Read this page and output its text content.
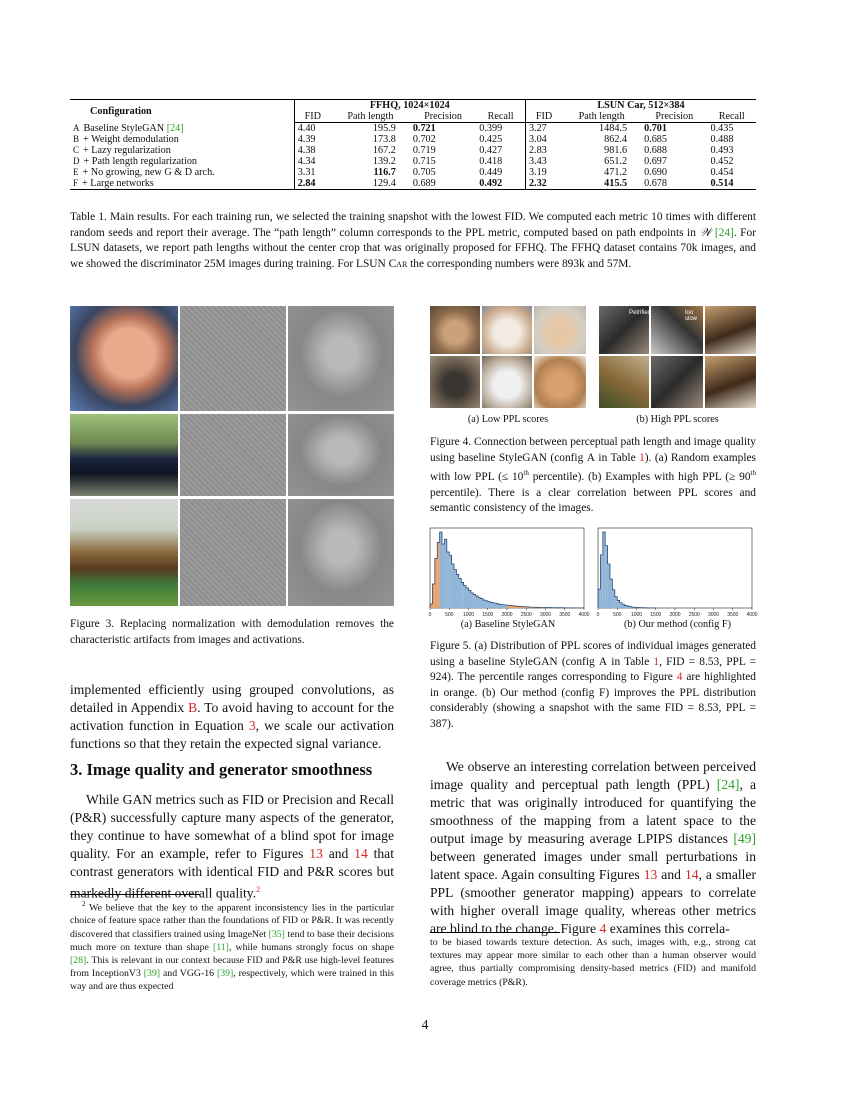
Configuration	FFHQ, 1024×1024				LSUN Car, 512×384			
	FID	Path length	Precision	Recall	FID	Path length	Precision	Recall
A Baseline StyleGAN [24]	4.40	195.9	0.721	0.399	3.27	1484.5	0.701	0.435
B + Weight demodulation	4.39	173.8	0.702	0.425	3.04	862.4	0.685	0.488
C + Lazy regularization	4.38	167.2	0.719	0.427	2.83	981.6	0.688	0.493
D + Path length regularization	4.34	139.2	0.715	0.418	3.43	651.2	0.697	0.452
E + No growing, new G & D arch.	3.31	116.7	0.705	0.449	3.19	471.2	0.690	0.454
F + Large networks	2.84	129.4	0.689	0.492	2.32	415.5	0.678	0.514
Table 1. Main results. For each training run, we selected the training snapshot with the lowest FID. We computed each metric 10 times with different random seeds and report their average. The “path length” column corresponds to the PPL metric, computed based on path endpoints in 𝒲 [24]. For LSUN datasets, we report path lengths without the center crop that was originally proposed for FFHQ. The FFHQ dataset contains 70k images, and we showed the discriminator 25M images during training. For LSUN Car the corresponding numbers were 893k and 57M.
Figure 3. Replacing normalization with demodulation removes the characteristic artifacts from images and activations.
implemented efficiently using grouped convolutions, as detailed in Appendix B. To avoid having to account for the activation function in Equation 3, we scale our activation functions so that they retain the expected signal variance.
3. Image quality and generator smoothness
While GAN metrics such as FID or Precision and Recall (P&R) successfully capture many aspects of the generator, they continue to have somewhat of a blind spot for image quality. For an example, refer to Figures 13 and 14 that contrast generators with identical FID and P&R scores but markedly different overall quality.$^2$
$^2$ We believe that the key to the apparent inconsistency lies in the particular choice of feature space rather than the foundations of FID or P&R. It was recently discovered that classifiers trained using ImageNet [35] tend to base their decisions much more on texture than shape [11], while humans strongly focus on shape [28]. This is relevant in our context because FID and P&R use high-level features from InceptionV3 [39] and VGG-16 [39], respectively, which were trained in this way and are thus expected
Petrified	too slow
(a) Low PPL scores	(b) High PPL scores
Figure 4. Connection between perceptual path length and image quality using baseline StyleGAN (config A in Table 1). (a) Random examples with low PPL (≤ 10th percentile). (b) Examples with high PPL (≥ 90th percentile). There is a clear correlation between PPL scores and semantic consistency of the images.
0	500 1000 1500 2000 2500 3000 3500 4000 0	500 1000 1500 2000 2500 3000 3500 4000
(a) Baseline StyleGAN	(b) Our method (config F)
Figure 5. (a) Distribution of PPL scores of individual images generated using a baseline StyleGAN (config A in Table 1, FID = 8.53, PPL = 924). The percentile ranges corresponding to Figure 4 are highlighted in orange. (b) Our method (config F) improves the PPL distribution considerably (showing a snapshot with the same FID = 8.53, PPL = 387).
We observe an interesting correlation between perceived image quality and perceptual path length (PPL) [24], a metric that was originally introduced for quantifying the smoothness of the mapping from a latent space to the output image by measuring average LPIPS distances [49] between generated images under small perturbations in latent space. Again consulting Figures 13 and 14, a smaller PPL (smoother generator mapping) appears to correlate with higher overall image quality, whereas other metrics are blind to the change. Figure 4 examines this correla-
to be biased towards texture detection. As such, images with, e.g., strong cat textures may appear more similar to each other than a human observer would agree, thus partially compromising density-based metrics (FID) and manifold coverage metrics (P&R).
4
